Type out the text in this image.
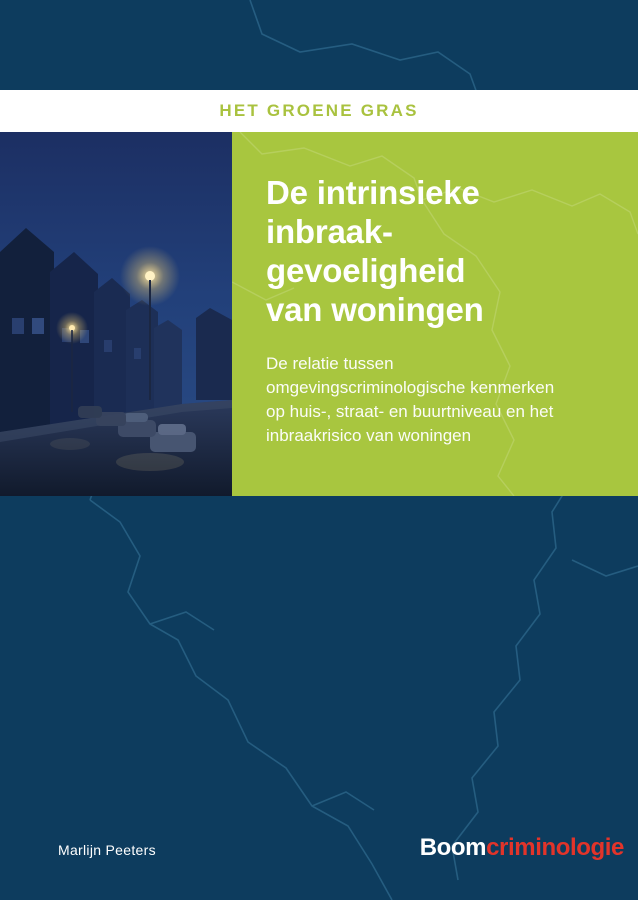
HET GROENE GRAS
De intrinsieke
inbraak-
gevoeligheid
van woningen

De relatie tussen omgevingscriminologische kenmerken op huis-, straat- en buurtniveau en het inbraakrisico van woningen

Marlijn Peeters	Boomcriminologie
